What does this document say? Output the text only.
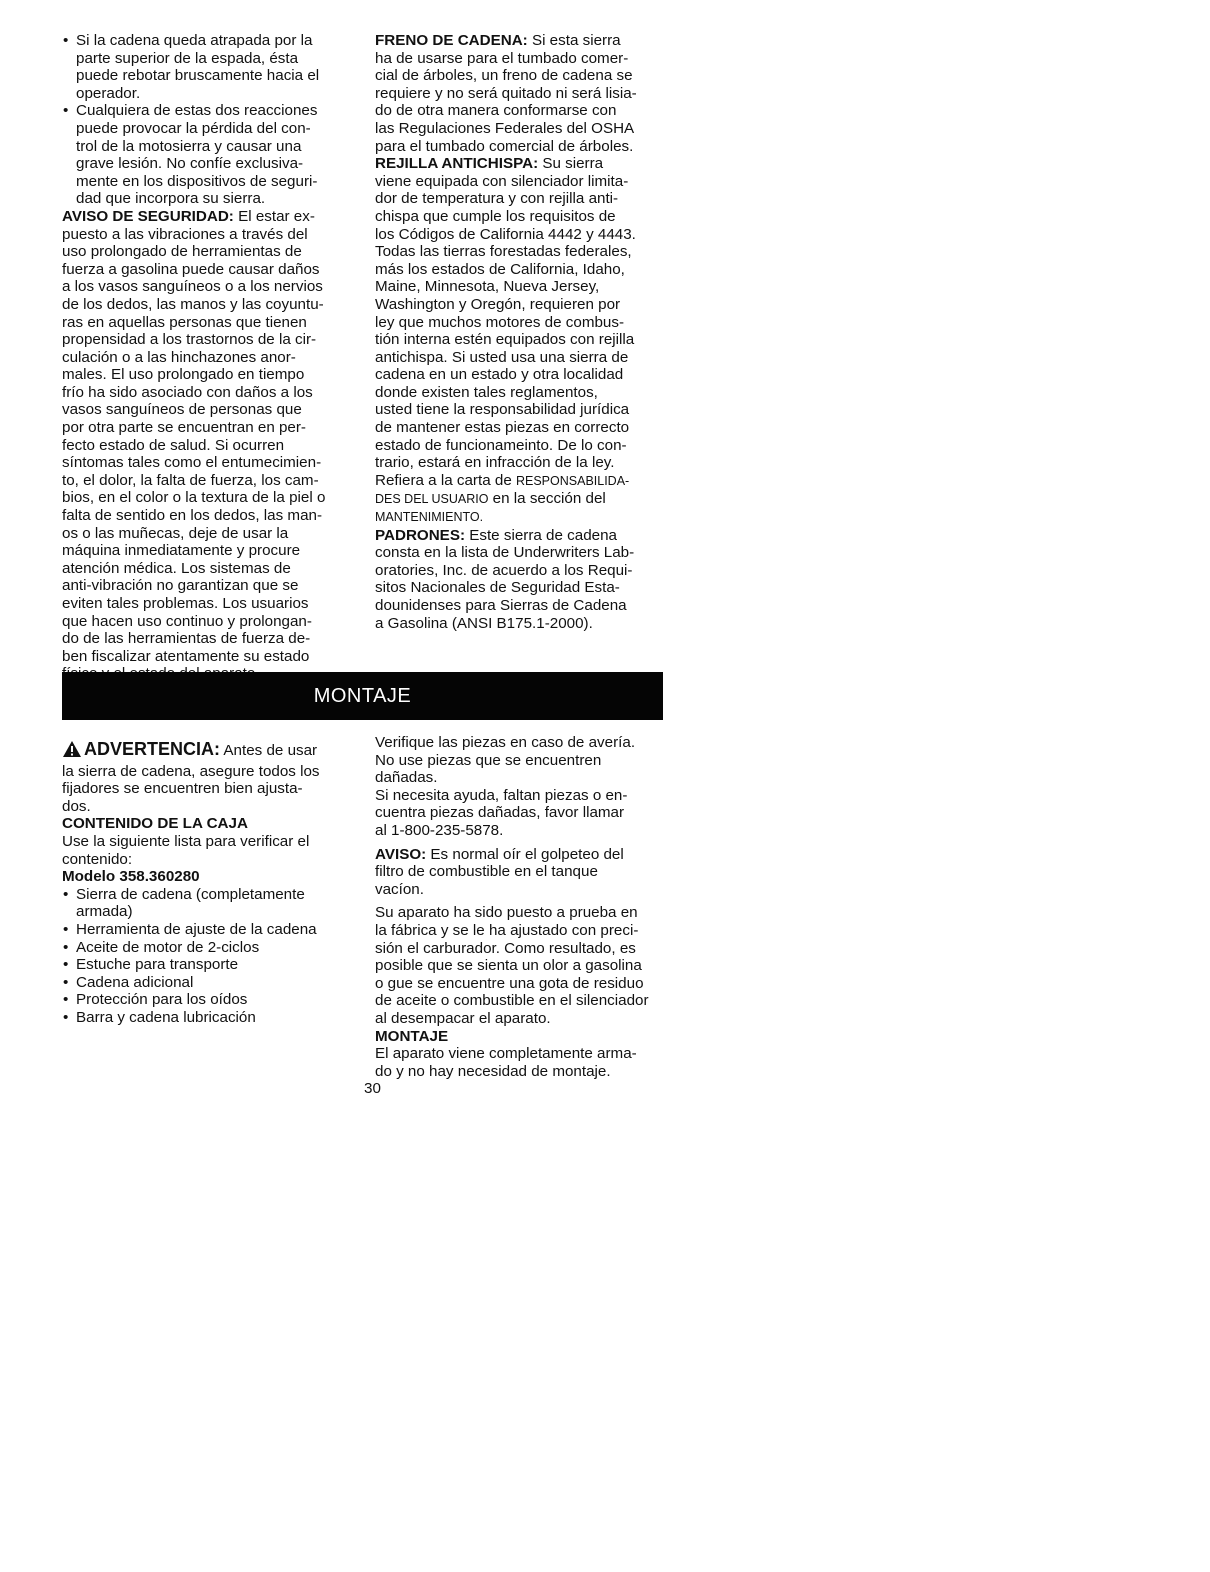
• Si la cadena queda atrapada por la

parte superior de la espada, ésta

puede rebotar bruscamente hacia el

operador.

• Cualquiera de estas dos reacciones

puede provocar la pérdida del con-

trol de la motosierra y causar una

grave lesión. No confíe exclusiva-

mente en los dispositivos de seguri-

dad que incorpora su sierra.

AVISO DE SEGURIDAD: El estar ex-

puesto a las vibraciones a través del

uso prolongado de herramientas de

fuerza a gasolina puede causar daños

a los vasos sanguíneos o a los nervios

de los dedos, las manos y las coyuntu-

ras en aquellas personas que tienen

propensidad a los trastornos de la cir-

culación o a las hinchazones anor-

males. El uso prolongado en tiempo

frío ha sido asociado con daños a los

vasos sanguíneos de personas que

por otra parte se encuentran en per-

fecto estado de salud. Si ocurren

síntomas tales como el entumecimien-

to, el dolor, la falta de fuerza, los cam-

bios, en el color o la textura de la piel o

falta de sentido en los dedos, las man-

os o las muñecas, deje de usar la

máquina inmediatamente y procure

atención médica. Los sistemas de

anti-vibración no garantizan que se

eviten tales problemas. Los usuarios

que hacen uso continuo y prolongan-

do de las herramientas de fuerza de-

ben fiscalizar atentamente su estado

FRENO DE CADENA: Si esta sierra

ha de usarse para el tumbado comer-

cial de árboles, un freno de cadena se

requiere y no será quitado ni será lisia-

do de otra manera conformarse con

las Regulaciones Federales del OSHA

para el tumbado comercial de árboles.

REJILLA ANTICHISPA: Su sierra

viene equipada con silenciador limita-

dor de temperatura y con rejilla anti-

chispa que cumple los requisitos de

los Códigos de California 4442 y 4443.

Todas las tierras forestadas federales,

más los estados de California, Idaho,

Maine, Minnesota, Nueva Jersey,

Washington y Oregón, requieren por

ley que muchos motores de combus-

tión interna estén equipados con rejilla

antichispa. Si usted usa una sierra de

cadena en un estado y otra localidad

donde existen tales reglamentos,

usted tiene la responsabilidad jurídica

de mantener estas piezas en correcto

estado de funcionameinto. De lo con-

trario, estará en infracción de la ley.

Refiera a la carta de RESPONSABILIDA-

DES DEL USUARIO en la sección del

MANTENIMIENTO.

PADRONES: Este sierra de cadena

consta en la lista de Underwriters Lab-

oratories, Inc. de acuerdo a los Requi-

sitos Nacionales de Seguridad Esta-

dounidenses para Sierras de Cadena

a Gasolina (ANSI B175.1-2000).

MONTAJE

ADVERTENCIA: Antes de usar

la sierra de cadena, asegure todos los

fijadores se encuentren bien ajusta-

dos.

CONTENIDO DE LA CAJA

Use la siguiente lista para verificar el

contenido:

Modelo 358.360280

• Sierra de cadena (completamente

armada)

• Herramienta de ajuste de la cadena

• Aceite de motor de 2-ciclos

• Estuche para transporte

• Cadena adicional

• Protección para los oídos

• Barra y cadena lubricación

Verifique las piezas en caso de avería.

No use piezas que se encuentren

dañadas.

Si necesita ayuda, faltan piezas o en-

cuentra piezas dañadas, favor llamar

al 1-800-235-5878.

AVISO: Es normal oír el golpeteo del

filtro de combustible en el tanque

vacíon.

Su aparato ha sido puesto a prueba en

la fábrica y se le ha ajustado con preci-

sión el carburador. Como resultado, es

posible que se sienta un olor a gasolina

o gue se encuentre una gota de residuo

de aceite o combustible en el silenciador

al desempacar el aparato.

MONTAJE

El aparato viene completamente arma-

do y no hay necesidad de montaje.

30
